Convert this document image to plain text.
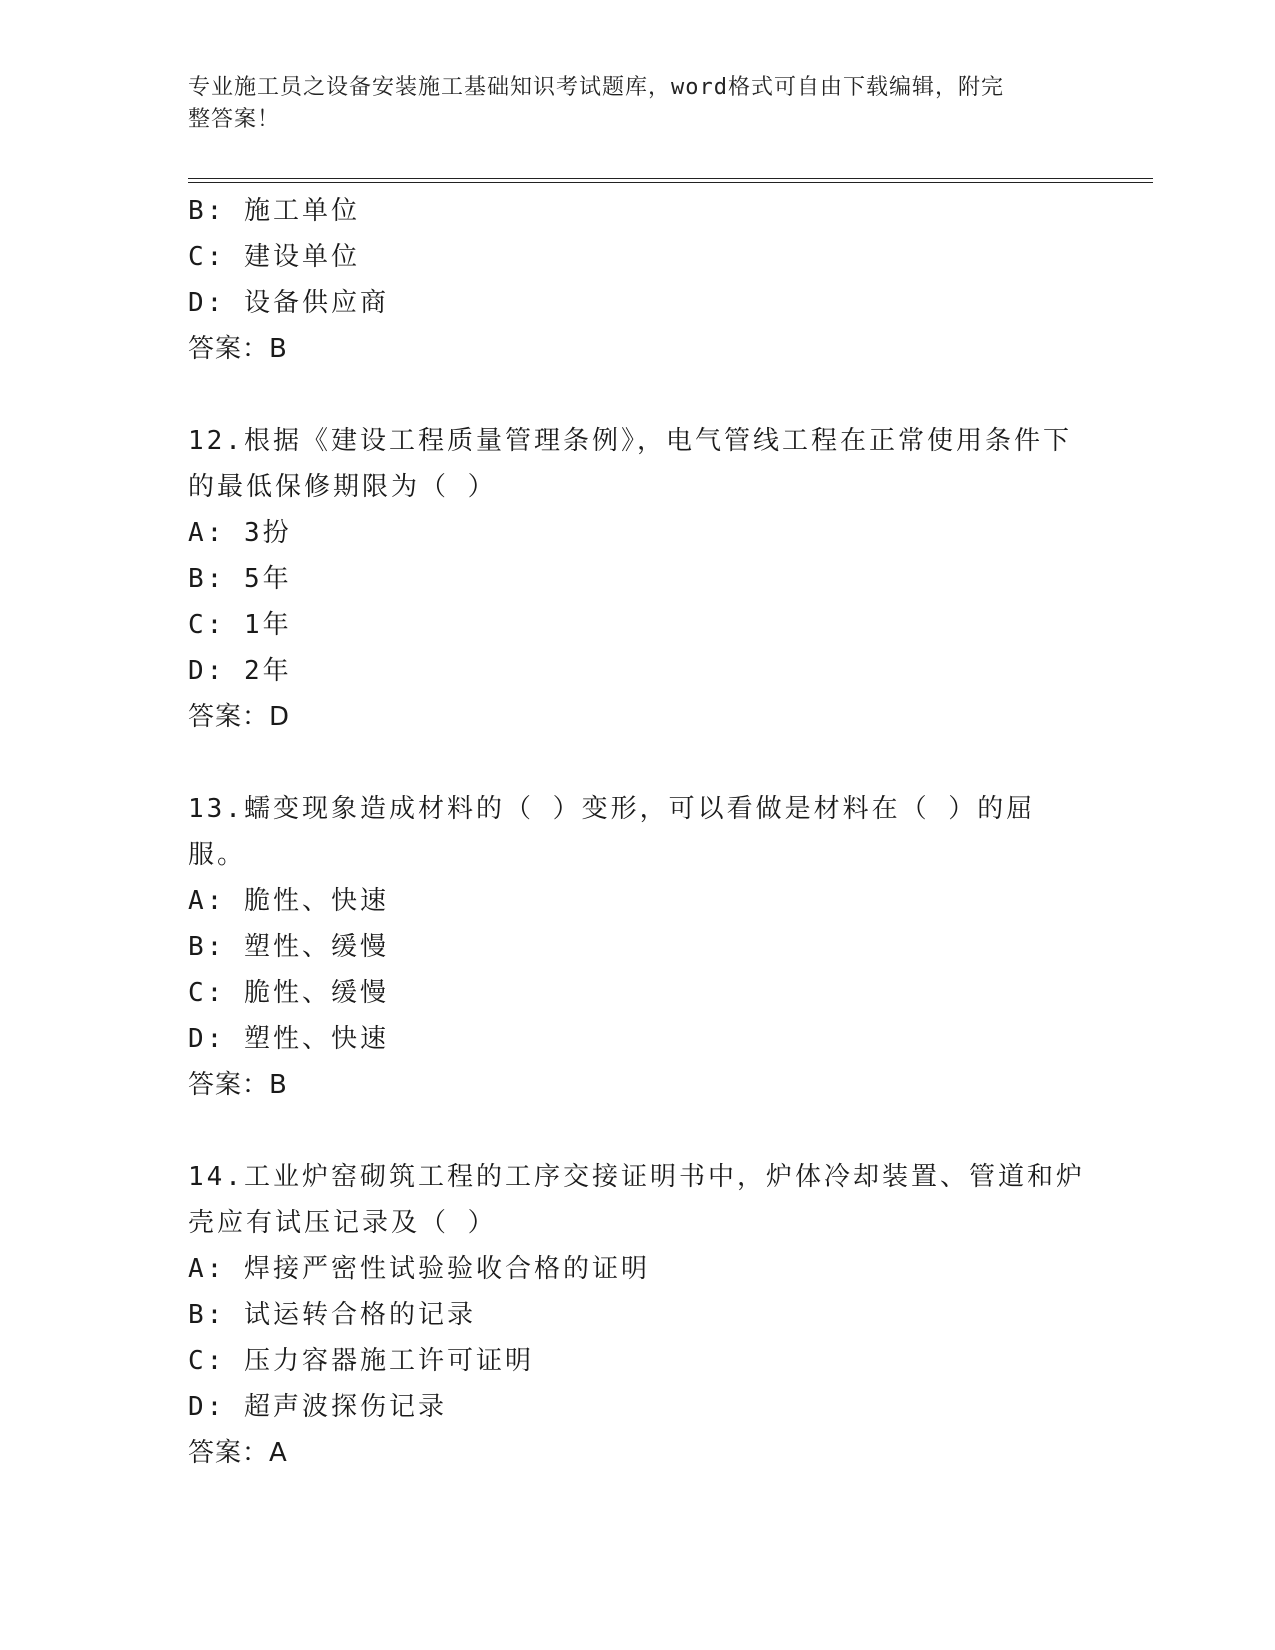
专业施工员之设备安装施工基础知识考试题库，word格式可自由下载编辑，附完
整答案！
B: 施工单位
C: 建设单位
D: 设备供应商
答案：B
12.根据《建设工程质量管理条例》，电气管线工程在正常使用条件下
的最低保修期限为（ ）
A: 3扮
B: 5年
C: 1年
D: 2年
答案：D
13.蠕变现象造成材料的（ ）变形，可以看做是材料在（ ）的屈服。
A: 脆性、快速
B: 塑性、缓慢
C: 脆性、缓慢
D: 塑性、快速
答案：B
14.工业炉窑砌筑工程的工序交接证明书中，炉体冷却装置、管道和炉
壳应有试压记录及（ ）
A: 焊接严密性试验验收合格的证明
B: 试运转合格的记录
C: 压力容器施工许可证明
D: 超声波探伤记录
答案：A
